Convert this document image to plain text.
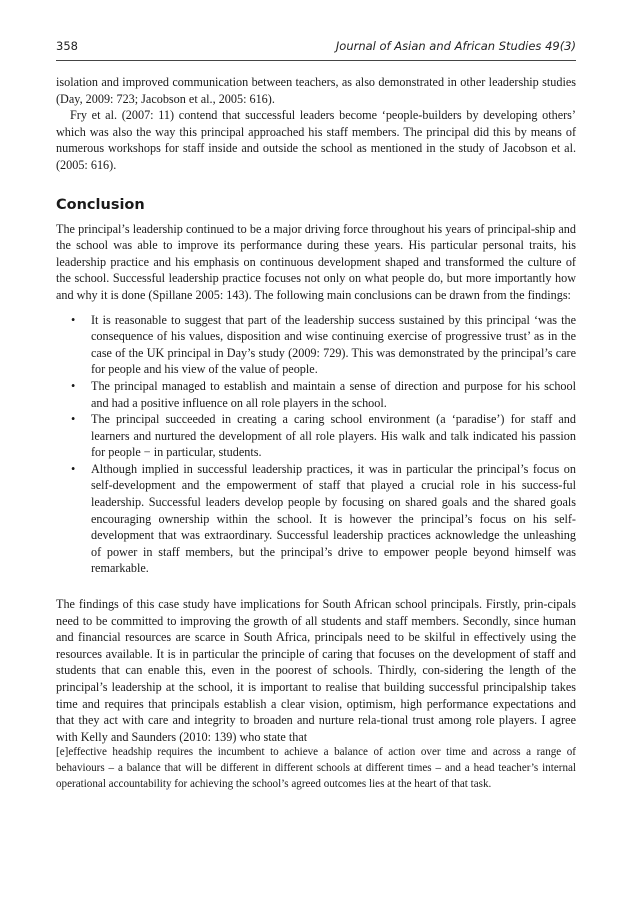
358	Journal of Asian and African Studies 49(3)

isolation and improved communication between teachers, as also demonstrated in other leadership studies (Day, 2009: 723; Jacobson et al., 2005: 616).

Fry et al. (2007: 11) contend that successful leaders become ‘people-builders by developing others’ which was also the way this principal approached his staff members. The principal did this by means of numerous workshops for staff inside and outside the school as mentioned in the study of Jacobson et al. (2005: 616).

Conclusion

The principal’s leadership continued to be a major driving force throughout his years of principal-ship and the school was able to improve its performance during these years. His particular personal traits, his leadership practice and his emphasis on continuous development shaped and transformed the culture of the school. Successful leadership practice focuses not only on what people do, but more importantly how and why it is done (Spillane 2005: 143). The following main conclusions can be drawn from the findings:

• It is reasonable to suggest that part of the leadership success sustained by this principal ‘was the consequence of his values, disposition and wise continuing exercise of progressive trust’ as in the case of the UK principal in Day’s study (2009: 729). This was demonstrated by the principal’s care for people and his view of the value of people.
• The principal managed to establish and maintain a sense of direction and purpose for his school and had a positive influence on all role players in the school.
• The principal succeeded in creating a caring school environment (a ‘paradise’) for staff and learners and nurtured the development of all role players. His walk and talk indicated his passion for people − in particular, students.
• Although implied in successful leadership practices, it was in particular the principal’s focus on self-development and the empowerment of staff that played a crucial role in his success-ful leadership. Successful leaders develop people by focusing on shared goals and the shared goals encouraging ownership within the school. It is however the principal’s focus on his self-development that was extraordinary. Successful leadership practices acknowledge the unleashing of power in staff members, but the principal’s drive to empower people beyond himself was remarkable.

The findings of this case study have implications for South African school principals. Firstly, prin-cipals need to be committed to improving the growth of all students and staff members. Secondly, since human and financial resources are scarce in South Africa, principals need to be skilful in effectively using the resources available. It is in particular the principle of caring that focuses on the development of staff and students that can enable this, even in the poorest of schools. Thirdly, con-sidering the length of the principal’s leadership at the school, it is important to realise that building successful principalship takes time and requires that principals establish a clear vision, optimism, high performance expectations and that they act with care and integrity to broaden and nurture rela-tional trust among role players. I agree with Kelly and Saunders (2010: 139) who state that

[e]effective headship requires the incumbent to achieve a balance of action over time and across a range of behaviours – a balance that will be different in different schools at different times – and a head teacher’s internal operational accountability for achieving the school’s agreed outcomes lies at the heart of that task.
